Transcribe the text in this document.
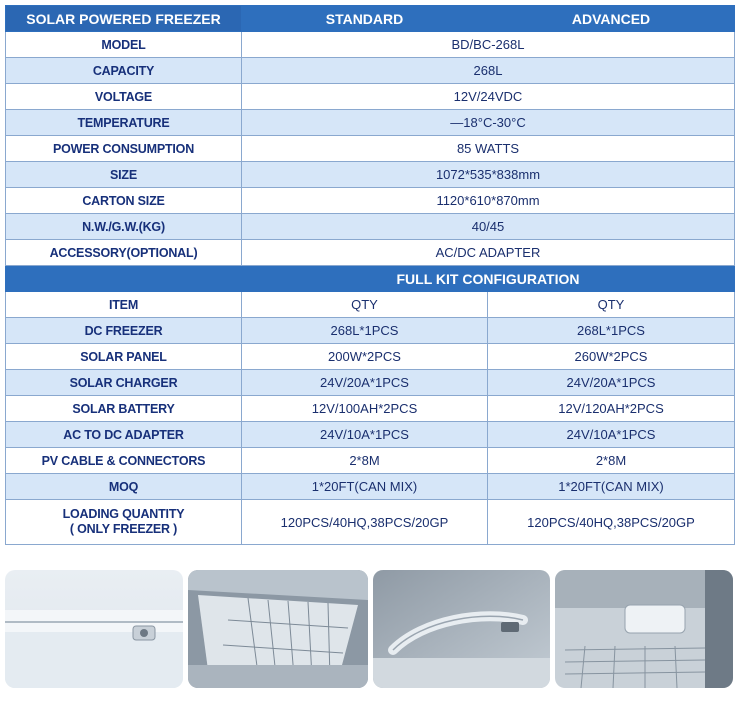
SOLAR POWERED FREEZER	STANDARD	ADVANCED
MODEL	BD/BC-268L	
CAPACITY	268L	
VOLTAGE	12V/24VDC	
TEMPERATURE	—18°C-30°C	
POWER CONSUMPTION	85 WATTS	
SIZE	1072*535*838mm	
CARTON SIZE	1120*610*870mm	
N.W./G.W.(KG)	40/45	
ACCESSORY(OPTIONAL)	AC/DC ADAPTER	
	FULL KIT CONFIGURATION	
ITEM	QTY	QTY
DC FREEZER	268L*1PCS	268L*1PCS
SOLAR PANEL	200W*2PCS	260W*2PCS
SOLAR CHARGER	24V/20A*1PCS	24V/20A*1PCS
SOLAR BATTERY	12V/100AH*2PCS	12V/120AH*2PCS
AC TO DC ADAPTER	24V/10A*1PCS	24V/10A*1PCS
PV CABLE & CONNECTORS	2*8M	2*8M
MOQ	1*20FT(CAN MIX)	1*20FT(CAN MIX)

LOADING QUANTITY
( ONLY FREEZER )	120PCS/40HQ,38PCS/20GP	120PCS/40HQ,38PCS/20GP
